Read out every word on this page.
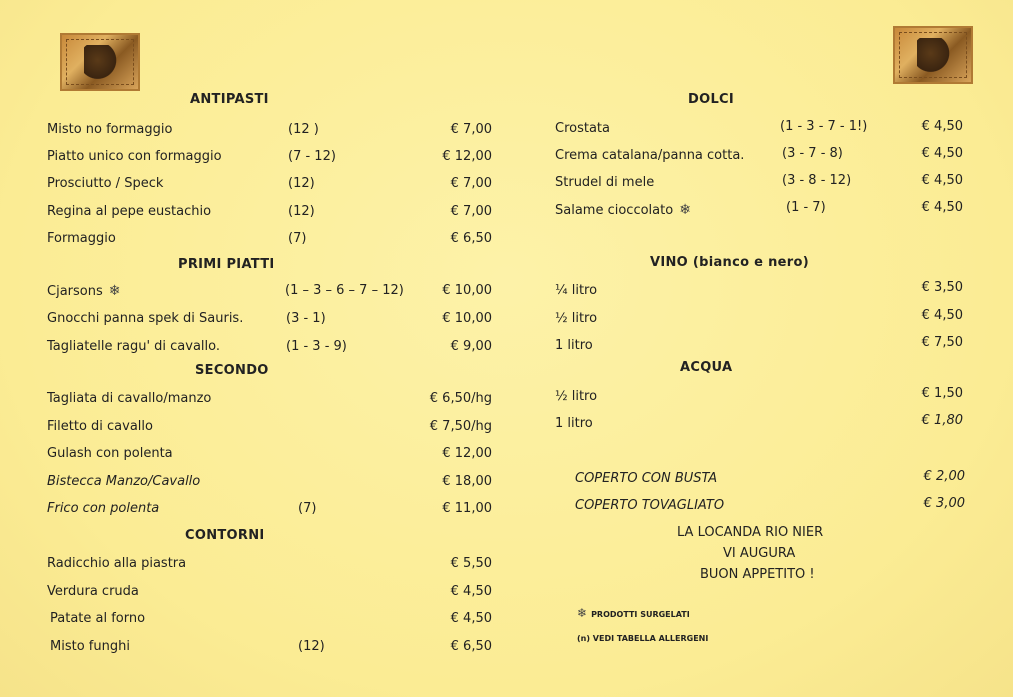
ANTIPASTI
Misto no formaggio	(12 )	€ 7,00
Piatto unico con formaggio	(7 - 12)	€ 12,00
Prosciutto / Speck	(12)	€ 7,00
Regina al pepe eustachio	(12)	€ 7,00
Formaggio	(7)	€ 6,50
PRIMI PIATTI
Cjarsons ❄	(1 – 3 – 6 – 7 – 12)	€ 10,00
Gnocchi panna spek di Sauris.	(3 - 1)	€ 10,00
Tagliatelle ragu' di cavallo.	(1 - 3 - 9)	€ 9,00
SECONDO
Tagliata di cavallo/manzo	€ 6,50/hg
Filetto di cavallo	€ 7,50/hg
Gulash con polenta	€ 12,00
Bistecca Manzo/Cavallo	€ 18,00
Frico con polenta	(7)	€ 11,00
CONTORNI
Radicchio alla piastra	€ 5,50
Verdura cruda	€ 4,50
Patate al forno	€ 4,50
Misto funghi	(12)	€ 6,50
DOLCI
Crostata	(1 - 3 - 7 - 1!)	€ 4,50
Crema catalana/panna cotta.	(3 - 7 - 8)	€ 4,50
Strudel di mele	(3 - 8 - 12)	€ 4,50
Salame cioccolato ❄	(1 - 7)	€ 4,50
VINO (bianco e nero)
¼ litro	€ 3,50
½ litro	€ 4,50
1 litro	€ 7,50
ACQUA
½ litro	€ 1,50
1 litro	€ 1,80
COPERTO CON BUSTA	€ 2,00
COPERTO TOVAGLIATO	€ 3,00
LA LOCANDA RIO NIER
VI AUGURA
BUON APPETITO !
❄ PRODOTTI SURGELATI
(n) VEDI TABELLA ALLERGENI
